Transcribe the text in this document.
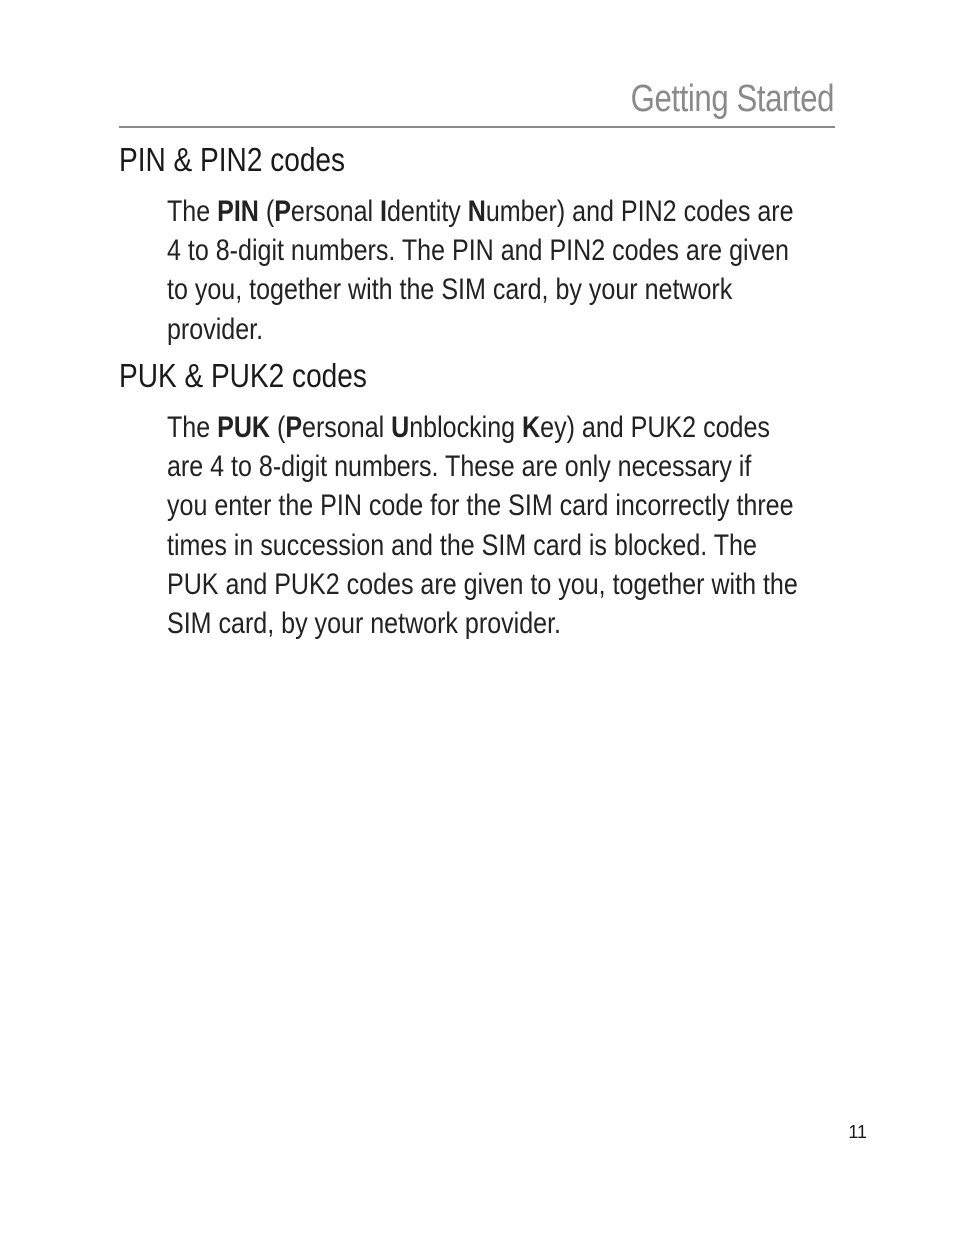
Getting Started
PIN & PIN2 codes
The PIN (Personal Identity Number) and PIN2 codes are
4 to 8-digit numbers. The PIN and PIN2 codes are given
to you, together with the SIM card, by your network
provider.
PUK & PUK2 codes
The PUK (Personal Unblocking Key) and PUK2 codes
are 4 to 8-digit numbers. These are only necessary if
you enter the PIN code for the SIM card incorrectly three
times in succession and the SIM card is blocked. The
PUK and PUK2 codes are given to you, together with the
SIM card, by your network provider.
11
